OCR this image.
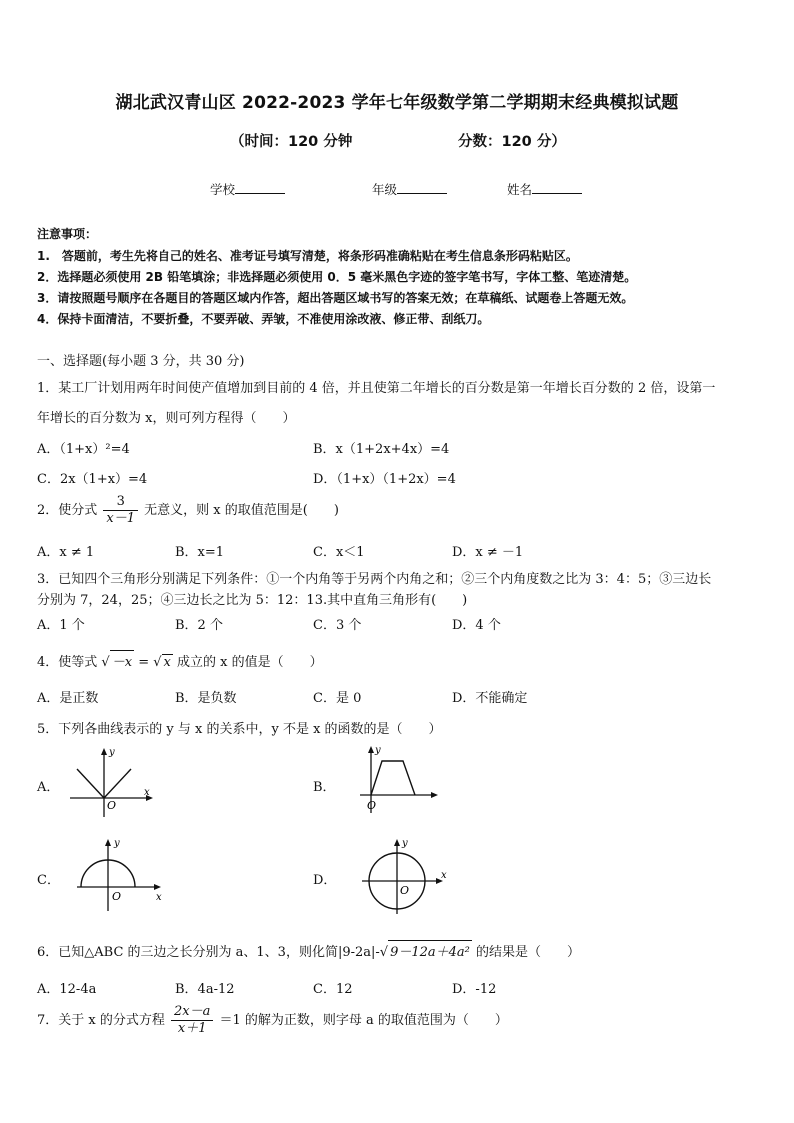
湖北武汉青山区 2022-2023 学年七年级数学第二学期期末经典模拟试题
（时间：120 分钟	分数：120 分）
学校	年级	姓名
注意事项：
1.　答题前，考生先将自己的姓名、准考证号填写清楚，将条形码准确粘贴在考生信息条形码粘贴区。
2．选择题必须使用 2B 铅笔填涂；非选择题必须使用 0．5 毫米黑色字迹的签字笔书写，字体工整、笔迹清楚。
3．请按照题号顺序在各题目的答题区域内作答，超出答题区域书写的答案无效；在草稿纸、试题卷上答题无效。
4．保持卡面清洁，不要折叠，不要弄破、弄皱，不准使用涂改液、修正带、刮纸刀。
一、选择题(每小题 3 分，共 30 分)
1．某工厂计划用两年时间使产值增加到目前的 4 倍，并且使第二年增长的百分数是第一年增长百分数的 2 倍，设第一
年增长的百分数为 x，则可列方程得（　　）
A．（1+x）²=4	B．x（1+2x+4x）=4
C．2x（1+x）=4	D．（1+x）（1+2x）=4
2．使分式 $\frac{3}{x-1}$ 无意义，则 x 的取值范围是(　　)
A．x ≠ 1	B．x=1	C．x＜1	D．x ≠ －1
3．已知四个三角形分别满足下列条件：①一个内角等于另两个内角之和；②三个内角度数之比为 3：4：5；③三边长
分别为 7，24，25；④三边长之比为 5：12：13.其中直角三角形有(　　)
A．1 个	B．2 个	C．3 个	D．4 个
4．使等式 √ －x = √ x 成立的 x 的值是（　　）
A．是正数	B．是负数	C．是 0	D．不能确定
5．下列各曲线表示的 y 与 x 的关系中，y 不是 x 的函数的是（　　）
A．
y
x
O
B．
y
O
C．
y
x
O
D．
y
x
O
6．已知△ABC 的三边之长分别为 a、1、3，则化简|9-2a|-√ 9－12a＋4a² 的结果是（　　）
A．12-4a	B．4a-12	C．12	D．-12
7．关于 x 的分式方程 $\frac{2x-a}{x+1} =1$ 的解为正数，则字母 a 的取值范围为（　　）
